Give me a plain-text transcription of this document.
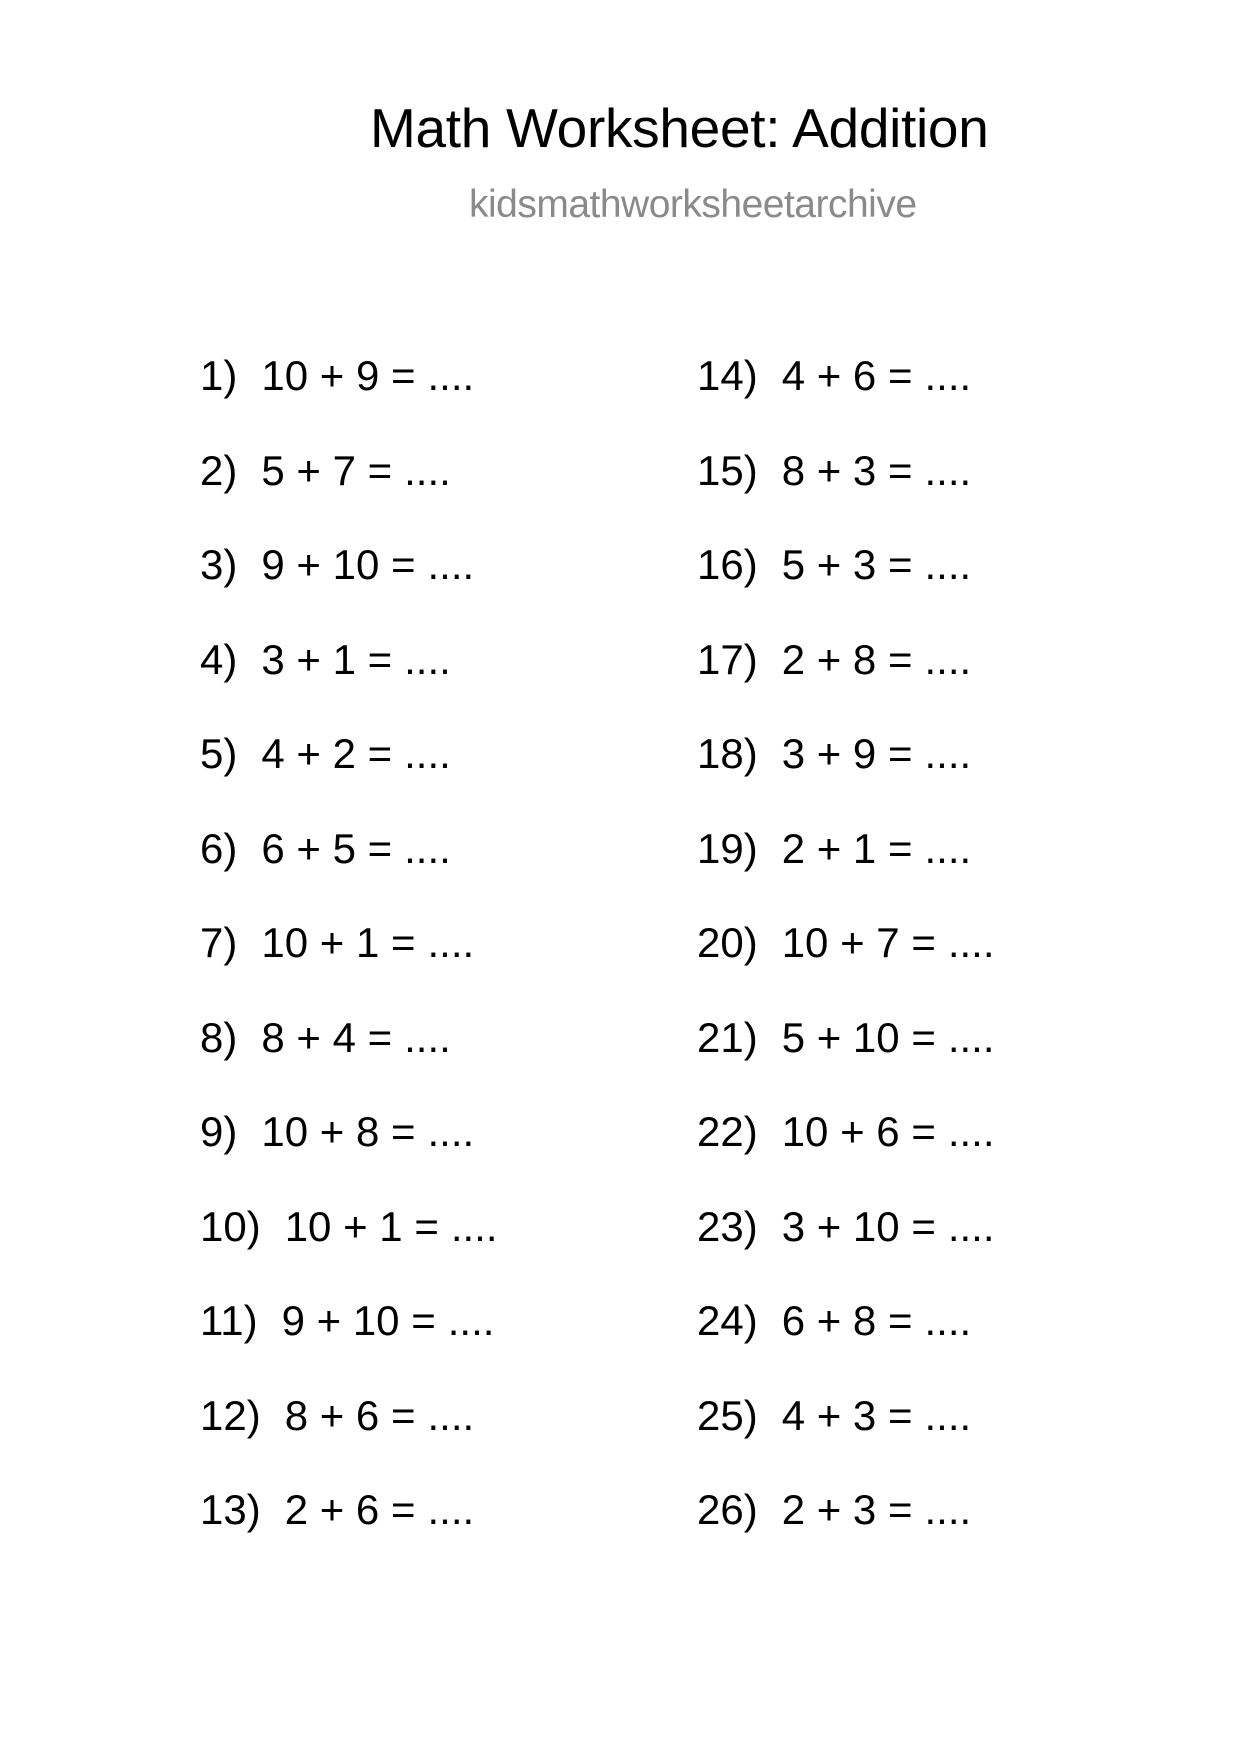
Math Worksheet: Addition
kidsmathworksheetarchive
1) 10 + 9 = ....
2) 5 + 7 = ....
3) 9 + 10 = ....
4) 3 + 1 = ....
5) 4 + 2 = ....
6) 6 + 5 = ....
7) 10 + 1 = ....
8) 8 + 4 = ....
9) 10 + 8 = ....
10) 10 + 1 = ....
11) 9 + 10 = ....
12) 8 + 6 = ....
13) 2 + 6 = ....
14) 4 + 6 = ....
15) 8 + 3 = ....
16) 5 + 3 = ....
17) 2 + 8 = ....
18) 3 + 9 = ....
19) 2 + 1 = ....
20) 10 + 7 = ....
21) 5 + 10 = ....
22) 10 + 6 = ....
23) 3 + 10 = ....
24) 6 + 8 = ....
25) 4 + 3 = ....
26) 2 + 3 = ....
